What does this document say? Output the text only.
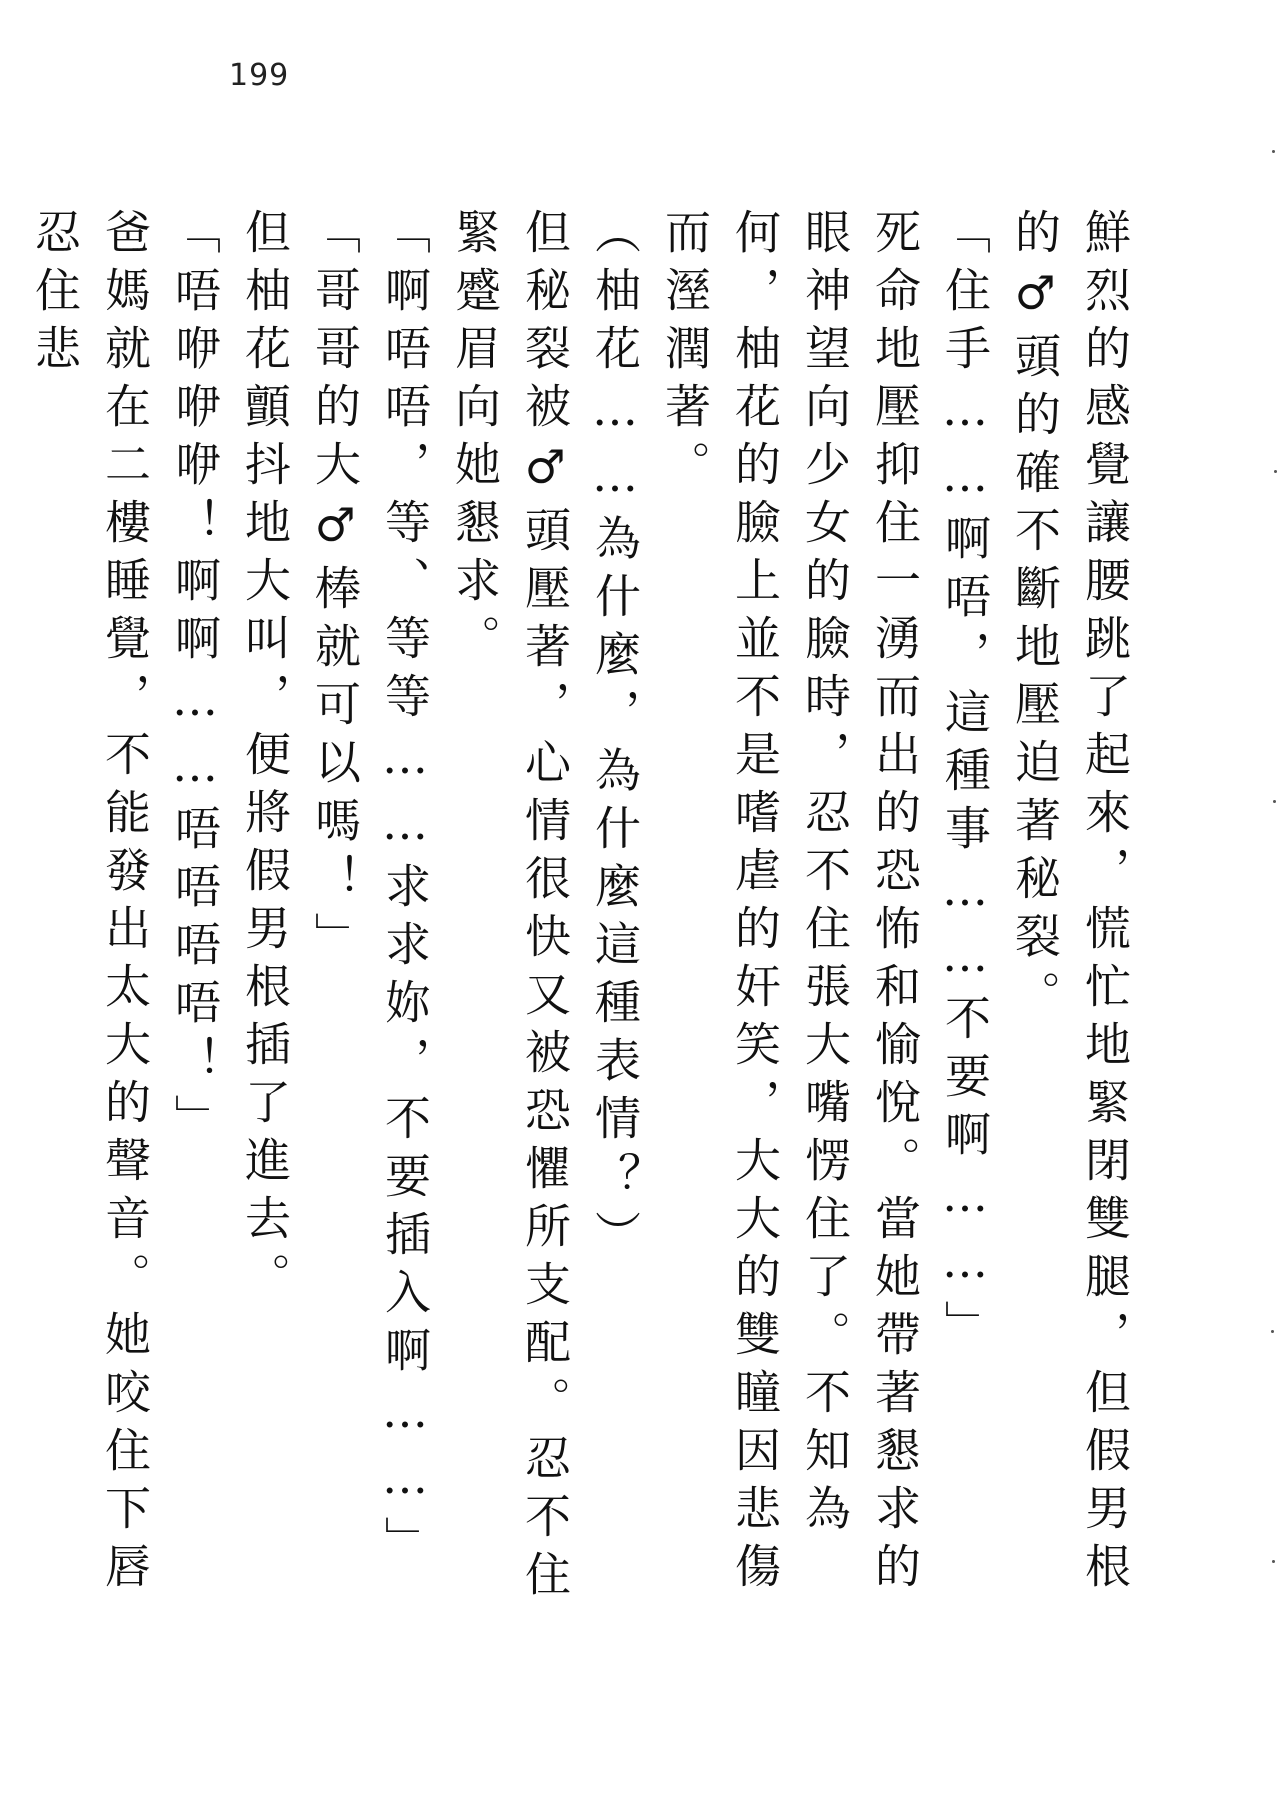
199

鮮烈的感覺讓腰跳了起來，慌忙地緊閉雙腿，但假男根的♂頭的確不斷地壓迫著秘裂。

「住手……啊唔，這種事……不要啊……」

死命地壓抑住一湧而出的恐怖和愉悅。當她帶著懇求的眼神望向少女的臉時，忍不住張大嘴愣住了。不知為何，柚花的臉上並不是嗜虐的奸笑，大大的雙瞳因悲傷而溼潤著。

（柚花……為什麼，為什麼這種表情？）

但秘裂被♂頭壓著，心情很快又被恐懼所支配。忍不住緊蹙眉向她懇求。

「啊唔唔，等、等等……求求妳，不要插入啊……」

「哥哥的大♂棒就可以嗎！」

但柚花顫抖地大叫，便將假男根插了進去。

「唔咿咿咿！啊啊……唔唔唔唔！」

爸媽就在二樓睡覺，不能發出太大的聲音。她咬住下唇忍住悲
